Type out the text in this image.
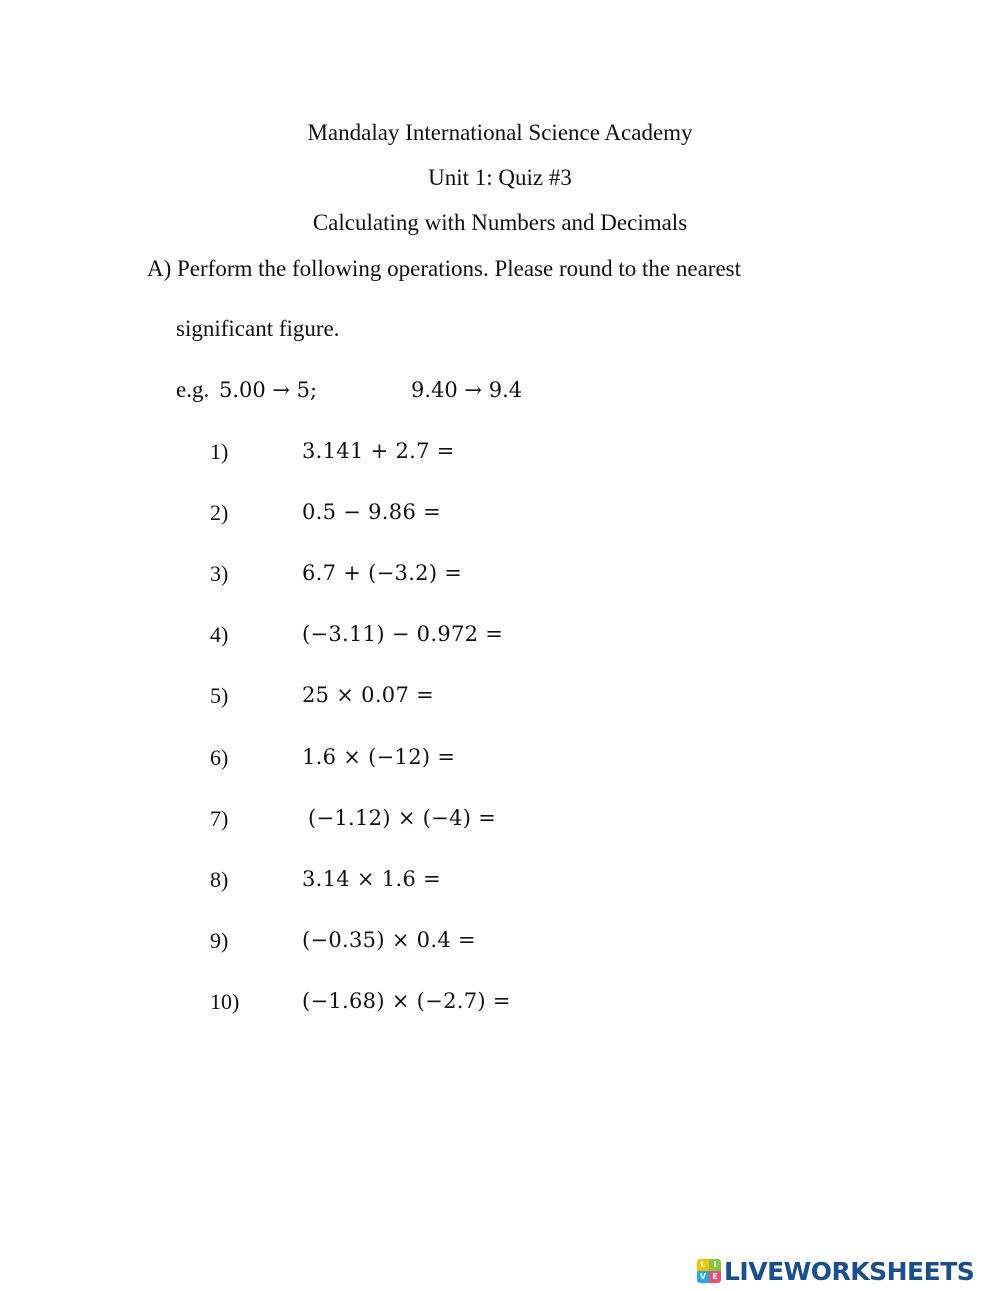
Mandalay International Science Academy
Unit 1: Quiz #3
Calculating with Numbers and Decimals
A) Perform the following operations. Please round to the nearest
significant figure.
e.g. 5.00 → 5;	9.40 → 9.4
1)	3.141 + 2.7 =
2)	0.5 − 9.86 =
3)	6.7 + (−3.2) =
4)	(−3.11) − 0.972 =
5)	25 × 0.07 =
6)	1.6 × (−12) =
7)	(−1.12) × (−4) =
8)	3.14 × 1.6 =
9)	(−0.35) × 0.4 =
10)	(−1.68) × (−2.7) =
L I
V E LIVEWORKSHEETS
